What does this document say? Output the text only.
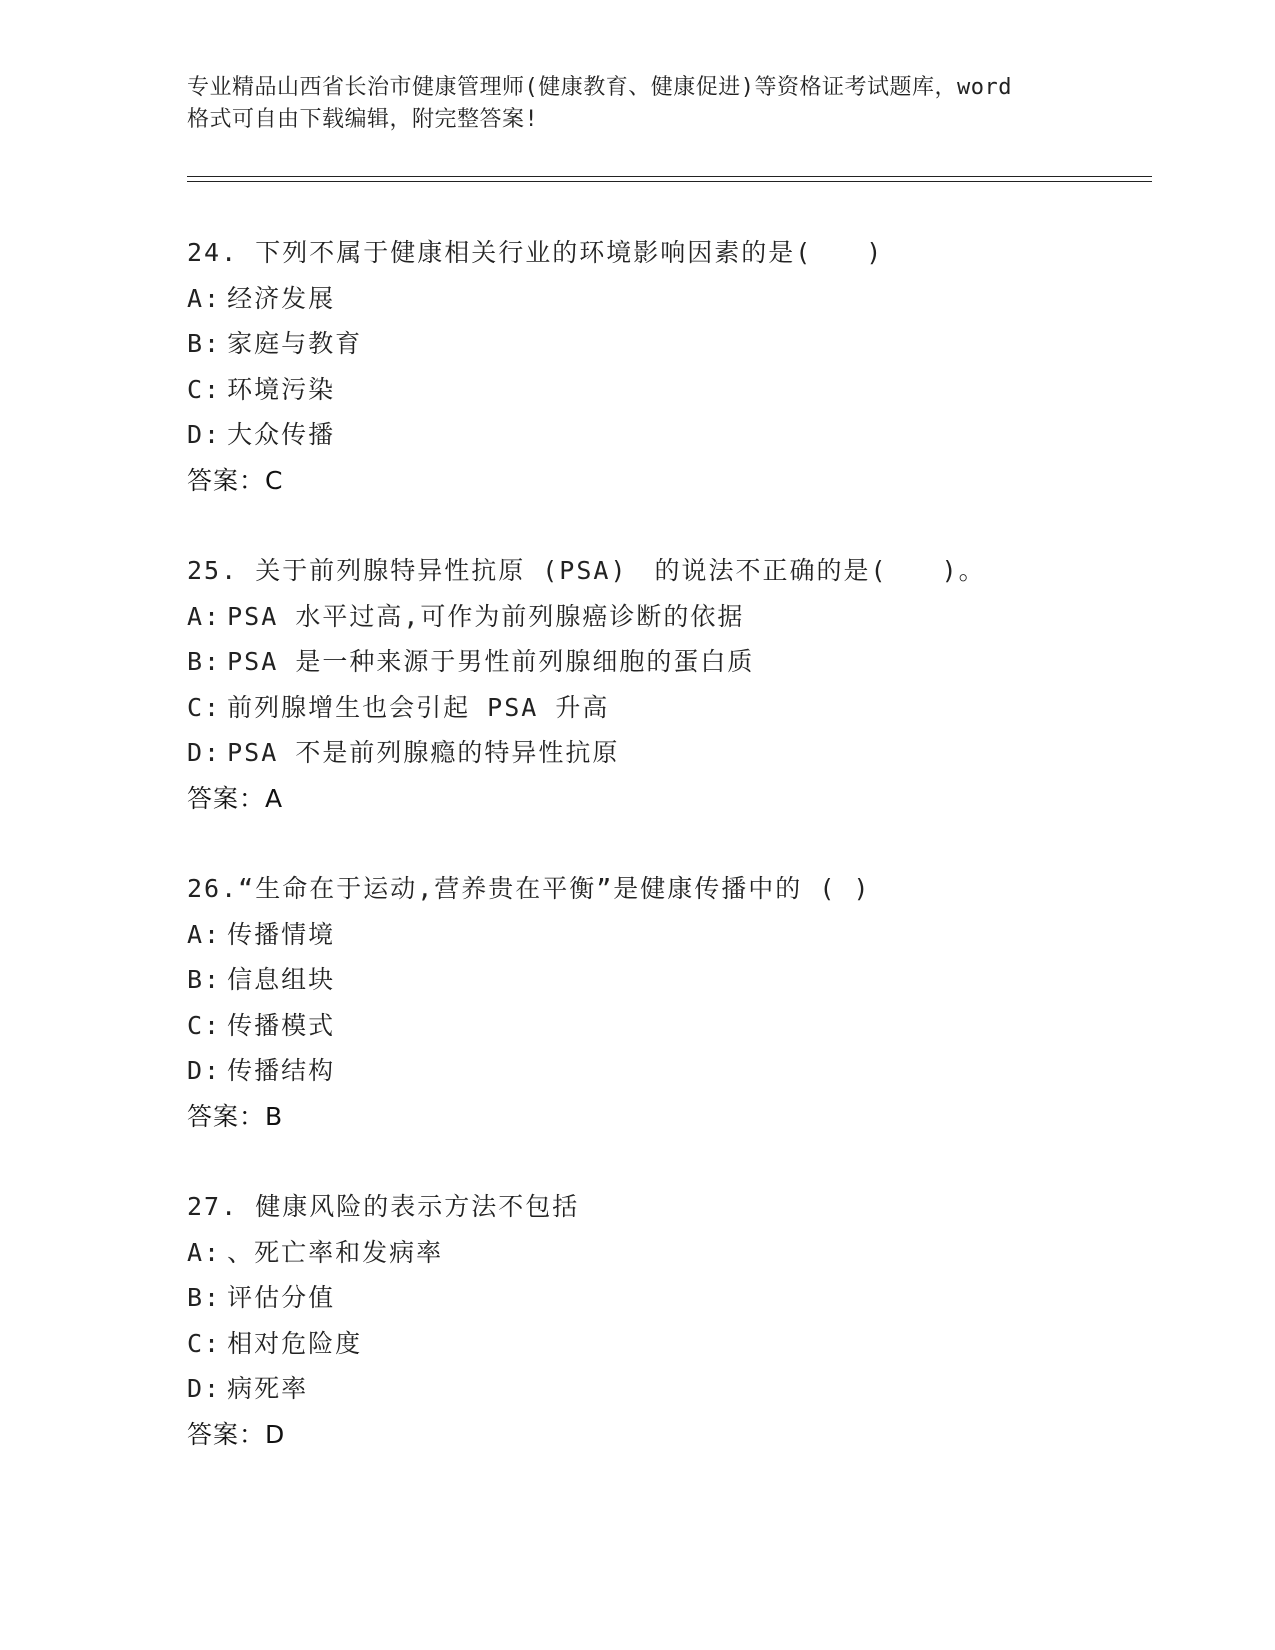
专业精品山西省长治市健康管理师(健康教育、健康促进)等资格证考试题库，word
格式可自由下载编辑，附完整答案!
24. 下列不属于健康相关行业的环境影响因素的是(　　)
A: 经济发展
B: 家庭与教育
C: 环境污染
D: 大众传播
答案：C
25. 关于前列腺特异性抗原 (PSA)　的说法不正确的是(　　)。
A: PSA 水平过高,可作为前列腺癌诊断的依据
B: PSA 是一种来源于男性前列腺细胞的蛋白质
C: 前列腺增生也会引起 PSA 升高
D: PSA 不是前列腺瘾的特异性抗原
答案：A
26.“生命在于运动,营养贵在平衡”是健康传播中的 ( )
A: 传播情境
B: 信息组块
C: 传播模式
D: 传播结构
答案：B
27. 健康风险的表示方法不包括
A: 、死亡率和发病率
B: 评估分值
C: 相对危险度
D: 病死率
答案：D
